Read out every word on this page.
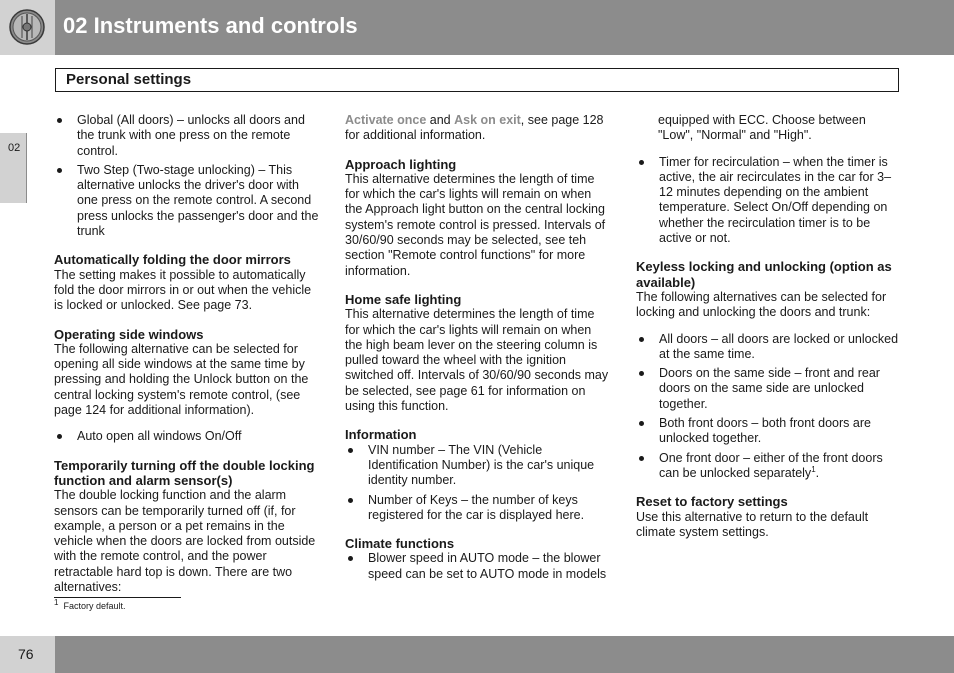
02 Instruments and controls
Personal settings
02
Global (All doors) – unlocks all doors and the trunk with one press on the remote control.
Two Step (Two-stage unlocking) – This alternative unlocks the driver's door with one press on the remote control. A second press unlocks the passenger's door and the trunk

Automatically folding the door mirrors

The setting makes it possible to automatically fold the door mirrors in or out when the vehicle is locked or unlocked. See page 73.

Operating side windows

The following alternative can be selected for opening all side windows at the same time by pressing and holding the Unlock button on the central locking system's remote control, (see page 124 for additional information).

Auto open all windows On/Off

Temporarily turning off the double locking function and alarm sensor(s)

The double locking function and the alarm sensors can be temporarily turned off (if, for example, a person or a pet remains in the vehicle when the doors are locked from outside with the remote control, and the power retractable hard top is down. There are two alternatives:

Activate once and Ask on exit, see page 128 for additional information.

Approach lighting

This alternative determines the length of time for which the car's lights will remain on when the Approach light button on the central locking system's remote control is pressed. Intervals of 30/60/90 seconds may be selected, see teh section "Remote control functions" for more information.

Home safe lighting

This alternative determines the length of time for which the car's lights will remain on when the high beam lever on the steering column is pulled toward the wheel with the ignition switched off. Intervals of 30/60/90 seconds may be selected, see page 61 for information on using this function.

Information

VIN number – The VIN (Vehicle Identification Number) is the car's unique identity number.
Number of Keys – the number of keys registered for the car is displayed here.

Climate functions

Blower speed in AUTO mode – the blower speed can be set to AUTO mode in models

equipped with ECC. Choose between "Low", "Normal" and "High".

Timer for recirculation – when the timer is active, the air recirculates in the car for 3–12 minutes depending on the ambient temperature. Select On/Off depending on whether the recirculation timer is to be active or not.

Keyless locking and unlocking (option as available)

The following alternatives can be selected for locking and unlocking the doors and trunk:

All doors – all doors are locked or unlocked at the same time.
Doors on the same side – front and rear doors on the same side are unlocked together.
Both front doors – both front doors are unlocked together.
One front door – either of the front doors can be unlocked separately$^1$.

Reset to factory settings

Use this alternative to return to the default climate system settings.

$^1$ Factory default.
76
